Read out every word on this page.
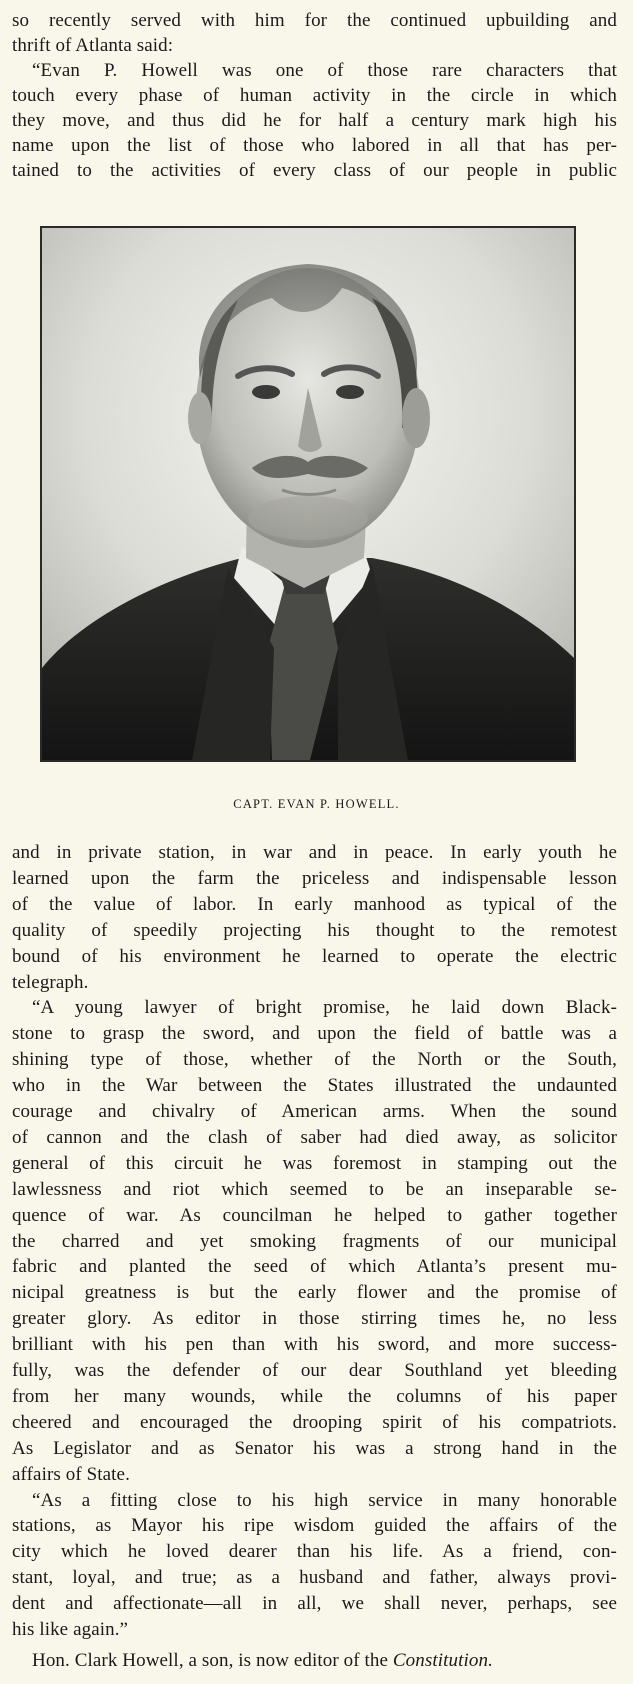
so recently served with him for the continued upbuilding and
thrift of Atlanta said:
“Evan P. Howell was one of those rare characters that
touch every phase of human activity in the circle in which
they move, and thus did he for half a century mark high his
name upon the list of those who labored in all that has per-
tained to the activities of every class of our people in public
CAPT. EVAN P. HOWELL.
and in private station, in war and in peace. In early youth he
learned upon the farm the priceless and indispensable lesson
of the value of labor. In early manhood as typical of the
quality of speedily projecting his thought to the remotest
bound of his environment he learned to operate the electric
telegraph.
“A young lawyer of bright promise, he laid down Black-
stone to grasp the sword, and upon the field of battle was a
shining type of those, whether of the North or the South,
who in the War between the States illustrated the undaunted
courage and chivalry of American arms. When the sound
of cannon and the clash of saber had died away, as solicitor
general of this circuit he was foremost in stamping out the
lawlessness and riot which seemed to be an inseparable se-
quence of war. As councilman he helped to gather together
the charred and yet smoking fragments of our municipal
fabric and planted the seed of which Atlanta’s present mu-
nicipal greatness is but the early flower and the promise of
greater glory. As editor in those stirring times he, no less
brilliant with his pen than with his sword, and more success-
fully, was the defender of our dear Southland yet bleeding
from her many wounds, while the columns of his paper
cheered and encouraged the drooping spirit of his compatriots.
As Legislator and as Senator his was a strong hand in the
affairs of State.
“As a fitting close to his high service in many honorable
stations, as Mayor his ripe wisdom guided the affairs of the
city which he loved dearer than his life. As a friend, con-
stant, loyal, and true; as a husband and father, always provi-
dent and affectionate—all in all, we shall never, perhaps, see
his like again.”
Hon. Clark Howell, a son, is now editor of the Constitution.
